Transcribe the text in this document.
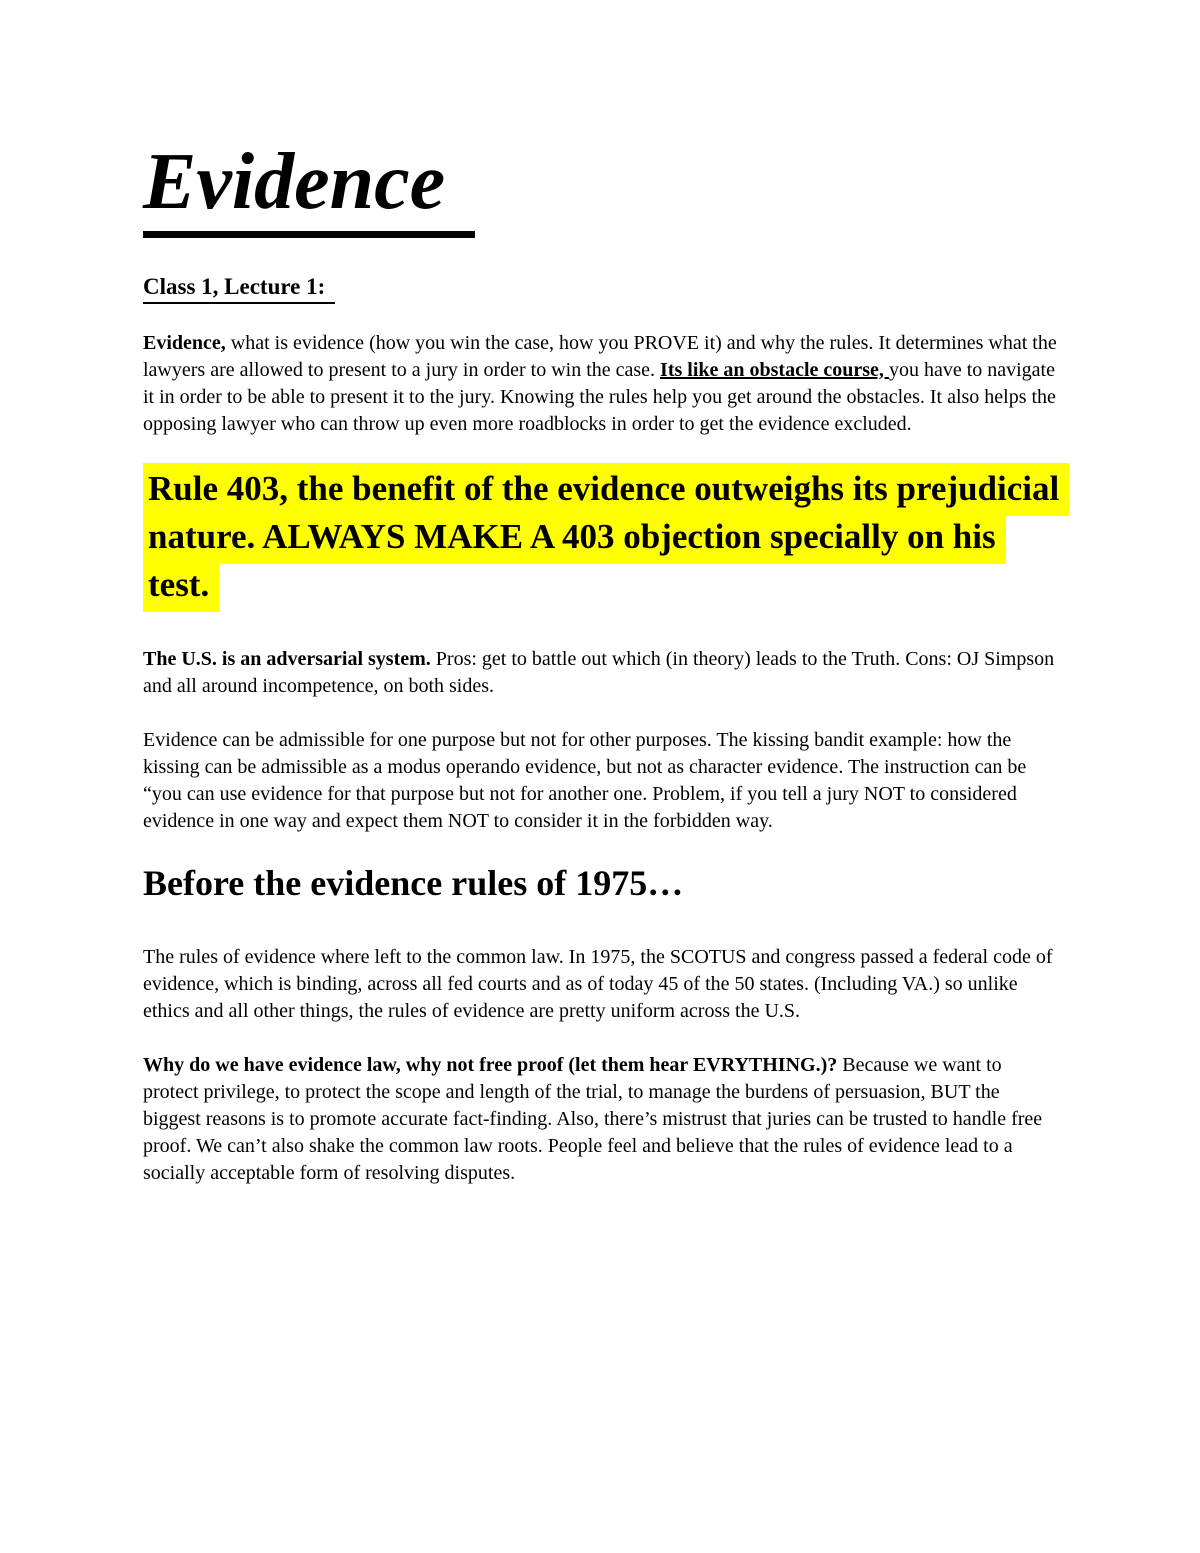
Evidence
Class 1, Lecture 1:

Evidence, what is evidence (how you win the case, how you PROVE it) and why the rules. It determines what the lawyers are allowed to present to a jury in order to win the case. Its like an obstacle course, you have to navigate it in order to be able to present it to the jury. Knowing the rules help you get around the obstacles. It also helps the opposing lawyer who can throw up even more roadblocks in order to get the evidence excluded.

Rule 403, the benefit of the evidence outweighs its prejudicial nature. ALWAYS MAKE A 403 objection specially on his test.

The U.S. is an adversarial system. Pros: get to battle out which (in theory) leads to the Truth. Cons: OJ Simpson and all around incompetence, on both sides.

Evidence can be admissible for one purpose but not for other purposes. The kissing bandit example: how the kissing can be admissible as a modus operando evidence, but not as character evidence. The instruction can be “you can use evidence for that purpose but not for another one. Problem, if you tell a jury NOT to considered evidence in one way and expect them NOT to consider it in the forbidden way.

Before the evidence rules of 1975…

The rules of evidence where left to the common law. In 1975, the SCOTUS and congress passed a federal code of evidence, which is binding, across all fed courts and as of today 45 of the 50 states. (Including VA.) so unlike ethics and all other things, the rules of evidence are pretty uniform across the U.S.

Why do we have evidence law, why not free proof (let them hear EVRYTHING.)? Because we want to protect privilege, to protect the scope and length of the trial, to manage the burdens of persuasion, BUT the biggest reasons is to promote accurate fact-finding. Also, there’s mistrust that juries can be trusted to handle free proof. We can’t also shake the common law roots. People feel and believe that the rules of evidence lead to a socially acceptable form of resolving disputes.
